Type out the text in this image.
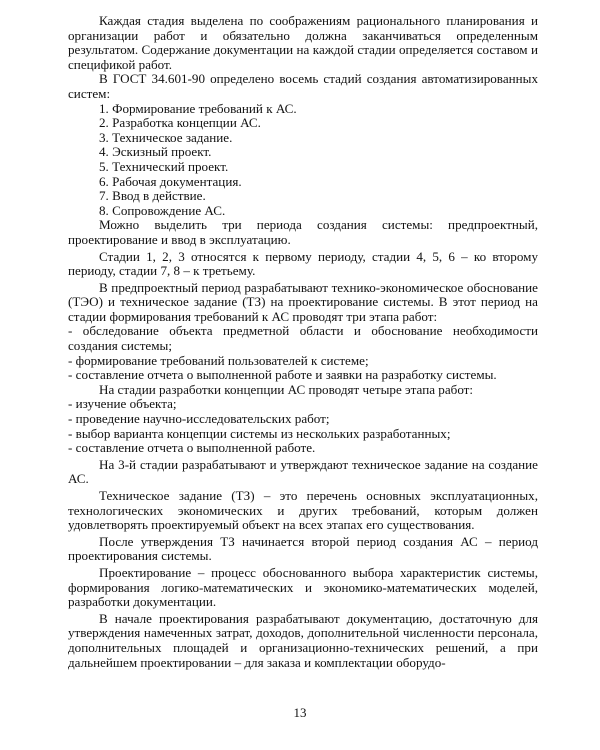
Каждая стадия выделена по соображениям рационального планирования и организации работ и обязательно должна заканчиваться определенным результатом. Содержание документации на каждой стадии определяется составом и спецификой работ.

В ГОСТ 34.601-90 определено восемь стадий создания автоматизированных систем:

1. Формирование требований к АС.

2. Разработка концепции АС.

3. Техническое задание.

4. Эскизный проект.

5. Технический проект.

6. Рабочая документация.

7. Ввод в действие.

8. Сопровождение АС.

Можно выделить три периода создания системы: предпроектный, проектирование и ввод в эксплуатацию.

Стадии 1, 2, 3 относятся к первому периоду, стадии 4, 5, 6 – ко второму периоду, стадии 7, 8 – к третьему.

В предпроектный период разрабатывают технико-экономическое обоснование (ТЭО) и техническое задание (ТЗ) на проектирование системы. В этот период на стадии формирования требований к АС проводят три этапа работ:

- обследование объекта предметной области и обоснование необходимости создания системы;

- формирование требований пользователей к системе;

- составление отчета о выполненной работе и заявки на разработку системы.

На стадии разработки концепции АС проводят четыре этапа работ:

- изучение объекта;

- проведение научно-исследовательских работ;

- выбор варианта концепции системы из нескольких разработанных;

- составление отчета о выполненной работе.

На 3-й стадии разрабатывают и утверждают техническое задание на создание АС.

Техническое задание (ТЗ) – это перечень основных эксплуатационных, технологических экономических и других требований, которым должен удовлетворять проектируемый объект на всех этапах его существования.

После утверждения ТЗ начинается второй период создания АС – период проектирования системы.

Проектирование – процесс обоснованного выбора характеристик системы, формирования логико-математических и экономико-математических моделей, разработки документации.

В начале проектирования разрабатывают документацию, достаточную для утверждения намеченных затрат, доходов, дополнительной численности персонала, дополнительных площадей и организационно-технических решений, а при дальнейшем проектировании – для заказа и комплектации оборудо-

13
